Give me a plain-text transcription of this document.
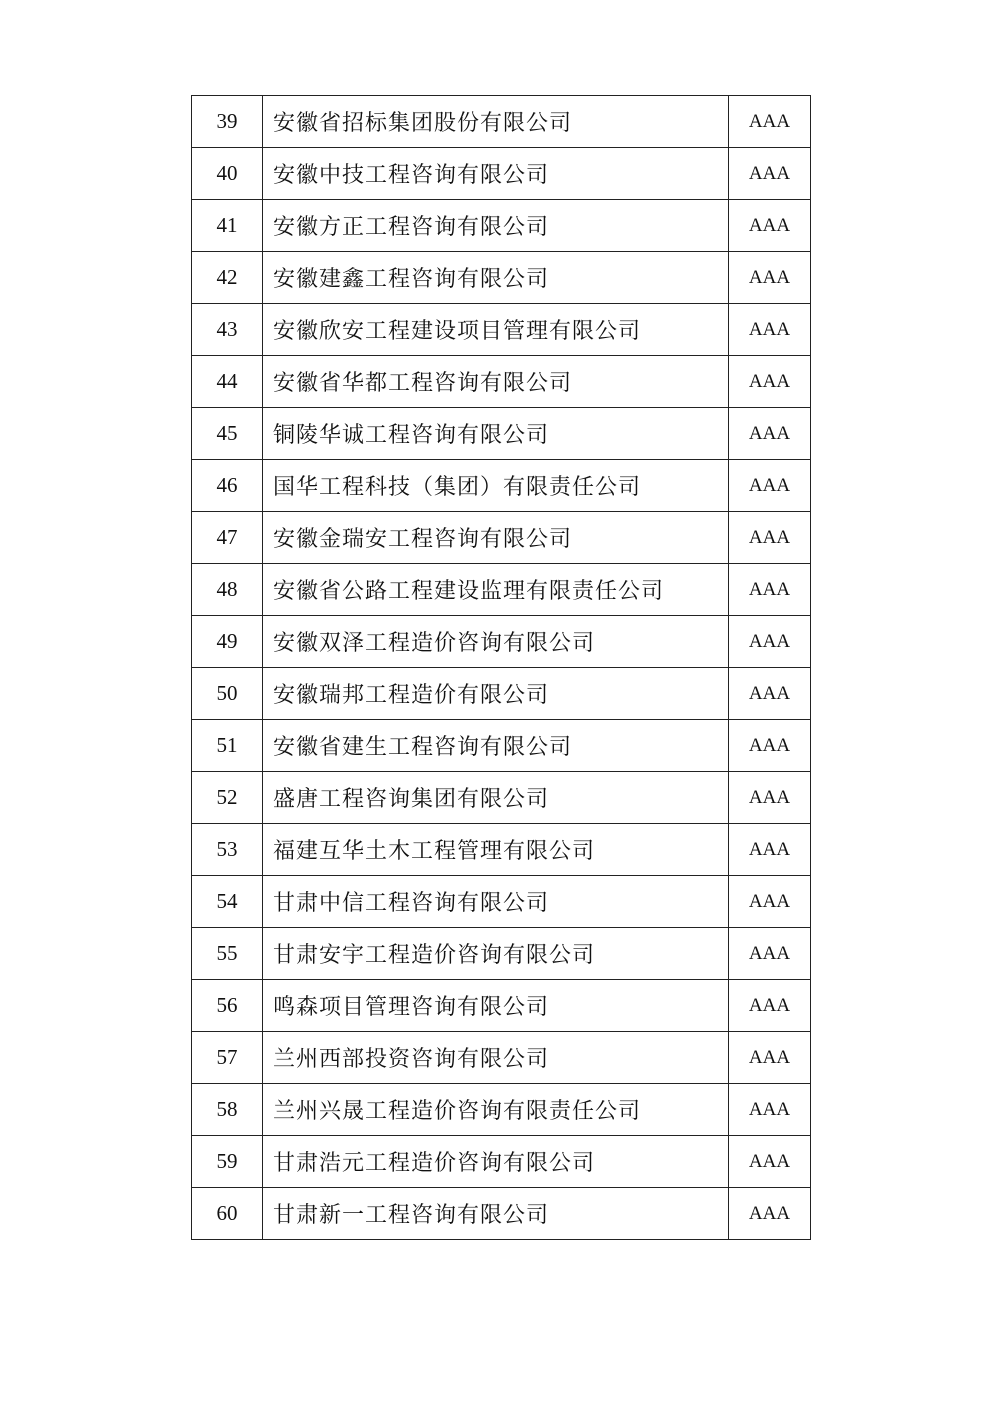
39	安徽省招标集团股份有限公司	AAA
40	安徽中技工程咨询有限公司	AAA
41	安徽方正工程咨询有限公司	AAA
42	安徽建鑫工程咨询有限公司	AAA
43	安徽欣安工程建设项目管理有限公司	AAA
44	安徽省华都工程咨询有限公司	AAA
45	铜陵华诚工程咨询有限公司	AAA
46	国华工程科技（集团）有限责任公司	AAA
47	安徽金瑞安工程咨询有限公司	AAA
48	安徽省公路工程建设监理有限责任公司	AAA
49	安徽双泽工程造价咨询有限公司	AAA
50	安徽瑞邦工程造价有限公司	AAA
51	安徽省建生工程咨询有限公司	AAA
52	盛唐工程咨询集团有限公司	AAA
53	福建互华土木工程管理有限公司	AAA
54	甘肃中信工程咨询有限公司	AAA
55	甘肃安宇工程造价咨询有限公司	AAA
56	鸣森项目管理咨询有限公司	AAA
57	兰州西部投资咨询有限公司	AAA
58	兰州兴晟工程造价咨询有限责任公司	AAA
59	甘肃浩元工程造价咨询有限公司	AAA
60	甘肃新一工程咨询有限公司	AAA
